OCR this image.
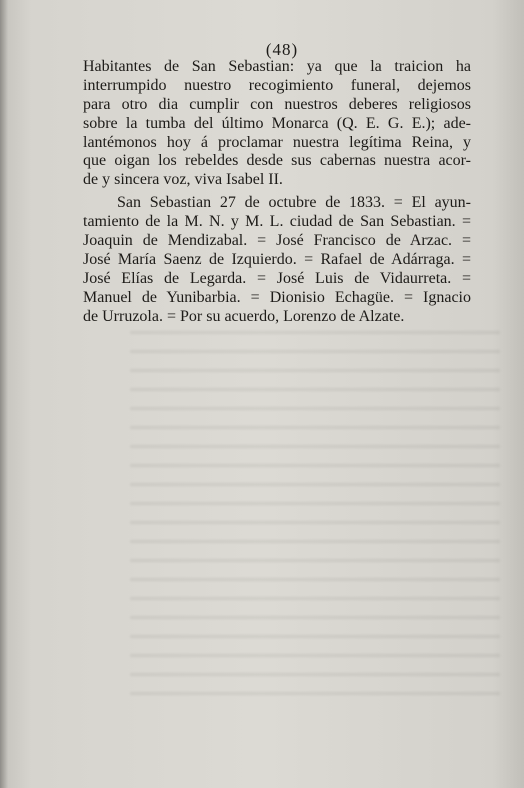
(48)
Habitantes de San Sebastian: ya que la traicion ha
interrumpido nuestro recogimiento funeral, dejemos
para otro dia cumplir con nuestros deberes religiosos
sobre la tumba del último Monarca (Q. E. G. E.); ade-
lantémonos hoy á proclamar nuestra legítima Reina, y
que oigan los rebeldes desde sus cabernas nuestra acor-
de y sincera voz, viva Isabel II.
San Sebastian 27 de octubre de 1833. = El ayun-
tamiento de la M. N. y M. L. ciudad de San Sebastian. =
Joaquin de Mendizabal. = José Francisco de Arzac. =
José María Saenz de Izquierdo. = Rafael de Adárraga. =
José Elías de Legarda. = José Luis de Vidaurreta. =
Manuel de Yunibarbia. = Dionisio Echagüe. = Ignacio
de Urruzola. = Por su acuerdo, Lorenzo de Alzate.
